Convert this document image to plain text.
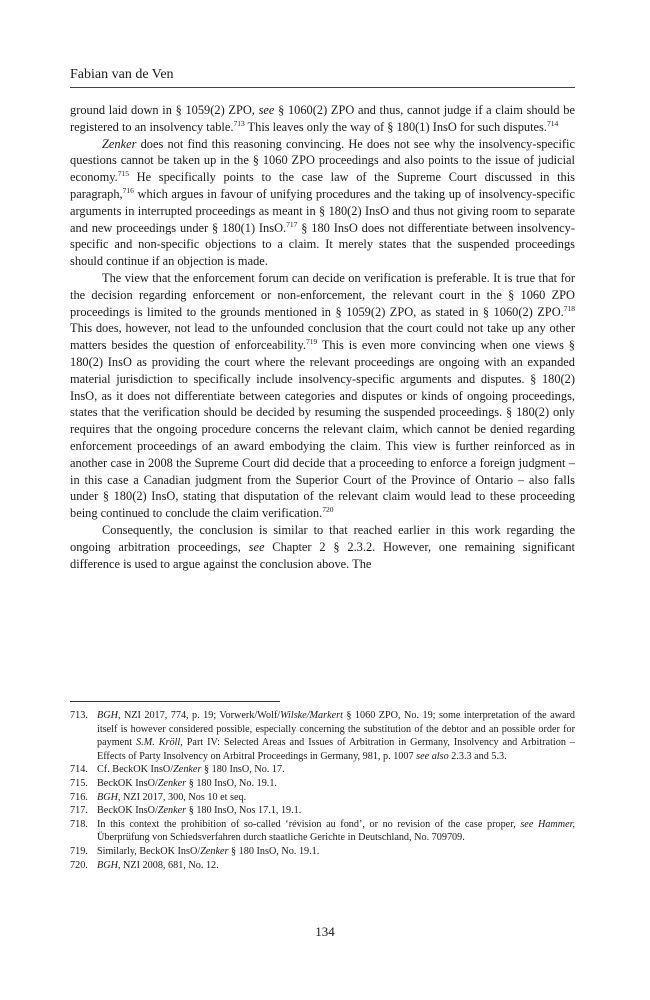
Fabian van de Ven

ground laid down in § 1059(2) ZPO, see § 1060(2) ZPO and thus, cannot judge if a claim should be registered to an insolvency table.$^{713}$ This leaves only the way of § 180(1) InsO for such disputes.$^{714}$

Zenker does not find this reasoning convincing. He does not see why the insolvency-specific questions cannot be taken up in the § 1060 ZPO proceedings and also points to the issue of judicial economy.$^{715}$ He specifically points to the case law of the Supreme Court discussed in this paragraph,$^{716}$ which argues in favour of unifying procedures and the taking up of insolvency-specific arguments in interrupted proceedings as meant in § 180(2) InsO and thus not giving room to separate and new proceedings under § 180(1) InsO.$^{717}$ § 180 InsO does not differentiate between insolvency-specific and non-specific objections to a claim. It merely states that the suspended proceedings should continue if an objection is made.

The view that the enforcement forum can decide on verification is preferable. It is true that for the decision regarding enforcement or non-enforcement, the relevant court in the § 1060 ZPO proceedings is limited to the grounds mentioned in § 1059(2) ZPO, as stated in § 1060(2) ZPO.$^{718}$ This does, however, not lead to the unfounded conclusion that the court could not take up any other matters besides the question of enforceability.$^{719}$ This is even more convincing when one views § 180(2) InsO as providing the court where the relevant proceedings are ongoing with an expanded material jurisdiction to specifically include insolvency-specific arguments and disputes. § 180(2) InsO, as it does not differentiate between categories and disputes or kinds of ongoing proceedings, states that the verification should be decided by resuming the suspended proceedings. § 180(2) only requires that the ongoing procedure concerns the relevant claim, which cannot be denied regarding enforcement proceedings of an award embodying the claim. This view is further reinforced as in another case in 2008 the Supreme Court did decide that a proceeding to enforce a foreign judgment – in this case a Canadian judgment from the Superior Court of the Province of Ontario – also falls under § 180(2) InsO, stating that disputation of the relevant claim would lead to these proceeding being continued to conclude the claim verification.$^{720}$

Consequently, the conclusion is similar to that reached earlier in this work regarding the ongoing arbitration proceedings, see Chapter 2 § 2.3.2. However, one remaining significant difference is used to argue against the conclusion above. The

713. BGH, NZI 2017, 774, p. 19; Vorwerk/Wolf/Wilske/Markert § 1060 ZPO, No. 19; some interpretation of the award itself is however considered possible, especially concerning the substitution of the debtor and an possible order for payment S.M. Kröll, Part IV: Selected Areas and Issues of Arbitration in Germany, Insolvency and Arbitration – Effects of Party Insolvency on Arbitral Proceedings in Germany, 981, p. 1007 see also 2.3.3 and 5.3.
714. Cf. BeckOK InsO/Zenker § 180 InsO, No. 17.
715. BeckOK InsO/Zenker § 180 InsO, No. 19.1.
716. BGH, NZI 2017, 300, Nos 10 et seq.
717. BeckOK InsO/Zenker § 180 InsO, Nos 17.1, 19.1.
718. In this context the prohibition of so-called ‘révision au fond’, or no revision of the case proper, see Hammer, Überprüfung von Schiedsverfahren durch staatliche Gerichte in Deutschland, No. 709709.
719. Similarly, BeckOK InsO/Zenker § 180 InsO, No. 19.1.
720. BGH, NZI 2008, 681, No. 12.
134
